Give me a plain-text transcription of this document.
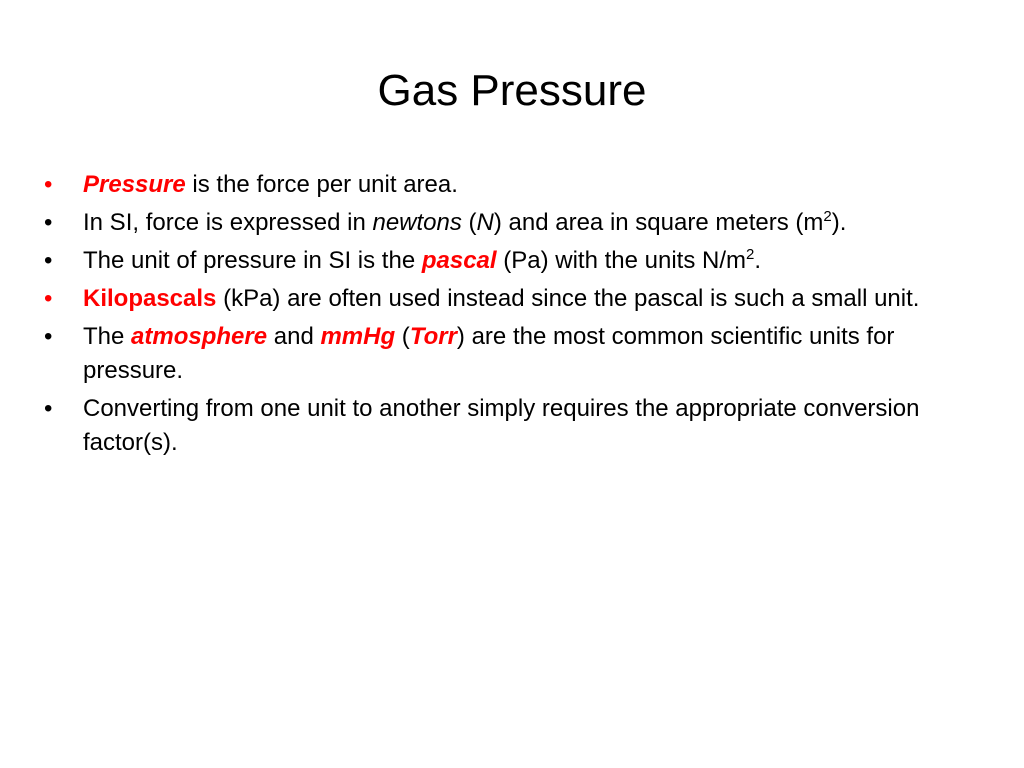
Gas Pressure
•	Pressure is the force per unit area.
•	In SI, force is expressed in newtons (N) and area in square meters $(m^2)$.
•	The unit of pressure in SI is the pascal (Pa) with the units $N/m^2$.
•	Kilopascals (kPa) are often used instead since the pascal is such a small unit.
•	The atmosphere and mmHg (Torr) are the most common scientific units for pressure.
•	Converting from one unit to another simply requires the appropriate conversion factor(s).
